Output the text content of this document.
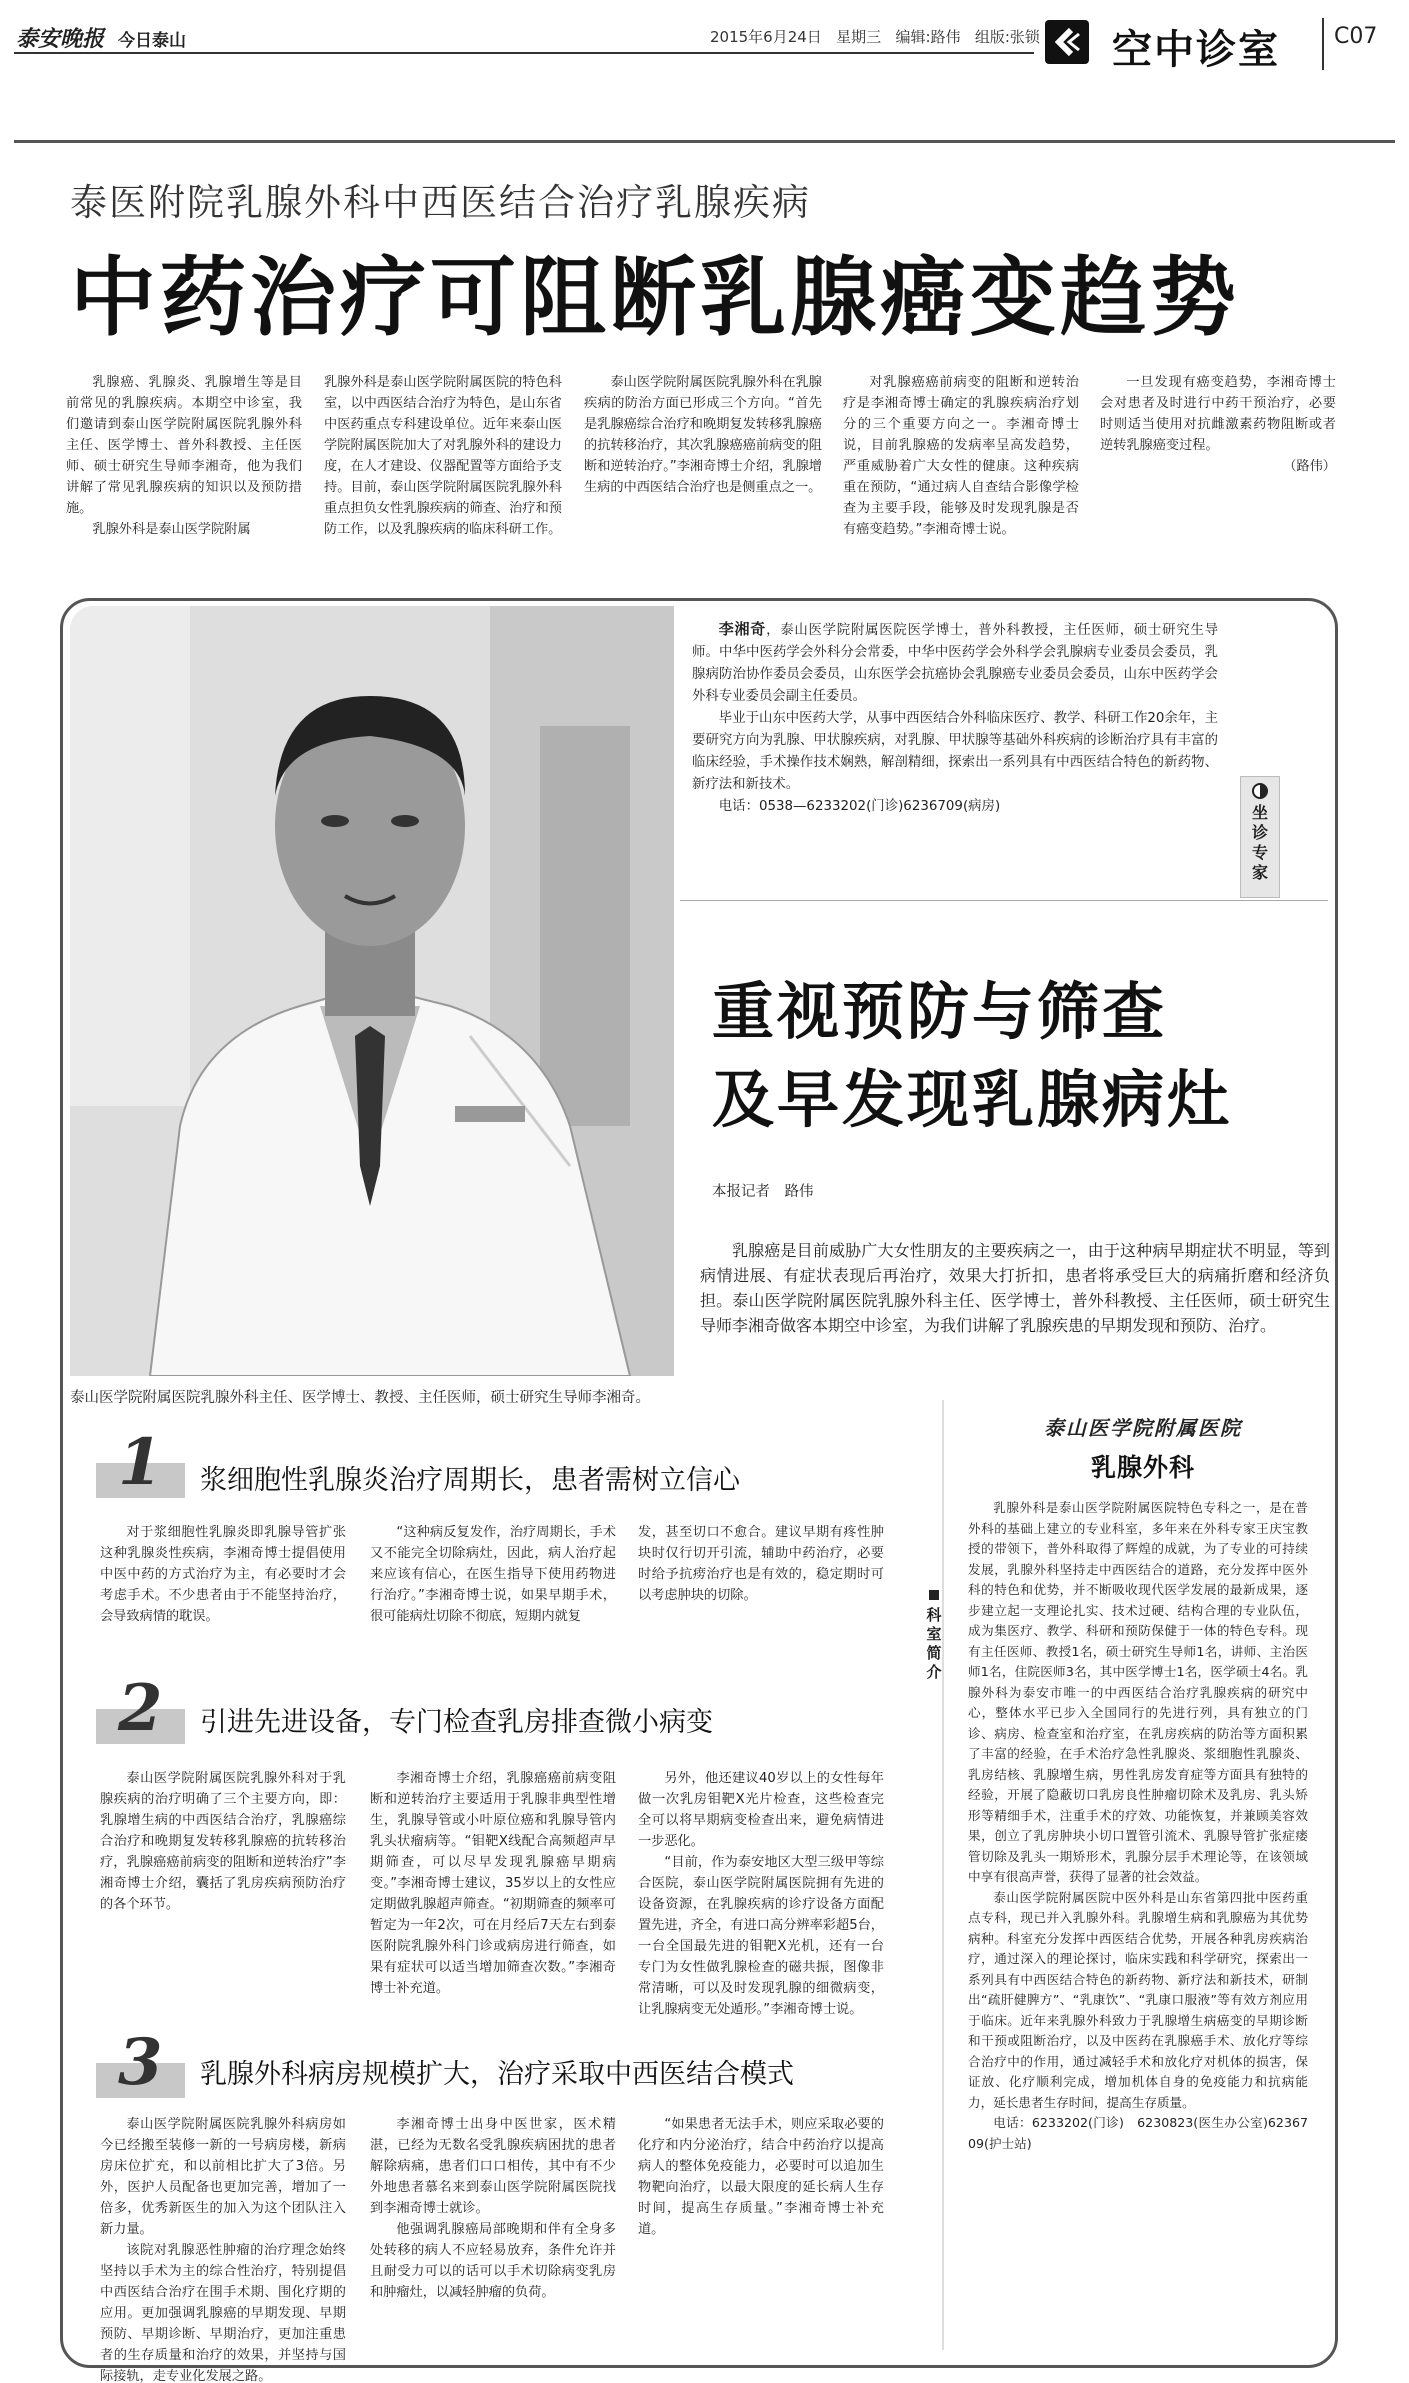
泰安晚报 今日泰山	2015年6月24日 星期三 编辑:路伟 组版:张锁 空中诊室 C07
泰医附院乳腺外科中西医结合治疗乳腺疾病
中药治疗可阻断乳腺癌变趋势

乳腺癌、乳腺炎、乳腺增生等是目前常见的乳腺疾病。本期空中诊室，我们邀请到泰山医学院附属医院乳腺外科主任、医学博士、普外科教授、主任医师、硕士研究生导师李湘奇，他为我们讲解了常见乳腺疾病的知识以及预防措施。

乳腺外科是泰山医学院附属

乳腺外科是泰山医学院附属医院的特色科室，以中西医结合治疗为特色，是山东省中医药重点专科建设单位。近年来泰山医学院附属医院加大了对乳腺外科的建设力度，在人才建设、仪器配置等方面给予支持。目前，泰山医学院附属医院乳腺外科重点担负女性乳腺疾病的筛查、治疗和预防工作，以及乳腺疾病的临床科研工作。

泰山医学院附属医院乳腺外科在乳腺疾病的防治方面已形成三个方向。“首先是乳腺癌综合治疗和晚期复发转移乳腺癌的抗转移治疗，其次乳腺癌癌前病变的阻断和逆转治疗。”李湘奇博士介绍，乳腺增生病的中西医结合治疗也是侧重点之一。

对乳腺癌癌前病变的阻断和逆转治疗是李湘奇博士确定的乳腺疾病治疗划分的三个重要方向之一。李湘奇博士说，目前乳腺癌的发病率呈高发趋势，严重威胁着广大女性的健康。这种疾病重在预防，“通过病人自查结合影像学检查为主要手段，能够及时发现乳腺是否有癌变趋势。”李湘奇博士说。

一旦发现有癌变趋势，李湘奇博士会对患者及时进行中药干预治疗，必要时则适当使用对抗雌激素药物阻断或者逆转乳腺癌变过程。

（路伟）

泰山医学院附属医院乳腺外科主任、医学博士、教授、主任医师，硕士研究生导师李湘奇。

李湘奇，泰山医学院附属医院医学博士，普外科教授，主任医师，硕士研究生导师。中华中医药学会外科分会常委，中华中医药学会外科学会乳腺病专业委员会委员，乳腺病防治协作委员会委员，山东医学会抗癌协会乳腺癌专业委员会委员，山东中医药学会外科专业委员会副主任委员。

毕业于山东中医药大学，从事中西医结合外科临床医疗、教学、科研工作20余年，主要研究方向为乳腺、甲状腺疾病，对乳腺、甲状腺等基础外科疾病的诊断治疗具有丰富的临床经验，手术操作技术娴熟，解剖精细，探索出一系列具有中西医结合特色的新药物、新疗法和新技术。

电话：0538—6233202(门诊)6236709(病房)	坐诊专家
重视预防与筛查
及早发现乳腺病灶
本报记者　路伟

乳腺癌是目前威胁广大女性朋友的主要疾病之一，由于这种病早期症状不明显，等到病情进展、有症状表现后再治疗，效果大打折扣，患者将承受巨大的病痛折磨和经济负担。泰山医学院附属医院乳腺外科主任、医学博士，普外科教授、主任医师，硕士研究生导师李湘奇做客本期空中诊室，为我们讲解了乳腺疾患的早期发现和预防、治疗。

科室简介
泰山医学院附属医院
乳腺外科

乳腺外科是泰山医学院附属医院特色专科之一，是在普外科的基础上建立的专业科室，多年来在外科专家王庆宝教授的带领下，普外科取得了辉煌的成就，为了专业的可持续发展，乳腺外科坚持走中西医结合的道路，充分发挥中医外科的特色和优势，并不断吸收现代医学发展的最新成果，逐步建立起一支理论扎实、技术过硬、结构合理的专业队伍，成为集医疗、教学、科研和预防保健于一体的特色专科。现有主任医师、教授1名，硕士研究生导师1名，讲师、主治医师1名，住院医师3名，其中医学博士1名，医学硕士4名。乳腺外科为泰安市唯一的中西医结合治疗乳腺疾病的研究中心，整体水平已步入全国同行的先进行列，具有独立的门诊、病房、检查室和治疗室，在乳房疾病的防治等方面积累了丰富的经验，在手术治疗急性乳腺炎、浆细胞性乳腺炎、乳房结核、乳腺增生病，男性乳房发育症等方面具有独特的经验，开展了隐蔽切口乳房良性肿瘤切除术及乳房、乳头矫形等精细手术，注重手术的疗效、功能恢复，并兼顾美容效果，创立了乳房肿块小切口置管引流术、乳腺导管扩张症瘘管切除及乳头一期矫形术，乳腺分层手术理论等，在该领域中享有很高声誉，获得了显著的社会效益。

泰山医学院附属医院中医外科是山东省第四批中医药重点专科，现已并入乳腺外科。乳腺增生病和乳腺癌为其优势病种。科室充分发挥中西医结合优势，开展各种乳房疾病治疗，通过深入的理论探讨，临床实践和科学研究，探索出一系列具有中西医结合特色的新药物、新疗法和新技术，研制出“疏肝健脾方”、“乳康饮”、“乳康口服液”等有效方剂应用于临床。近年来乳腺外科致力于乳腺增生病癌变的早期诊断和干预或阻断治疗，以及中医药在乳腺癌手术、放化疗等综合治疗中的作用，通过减轻手术和放化疗对机体的损害，保证放、化疗顺利完成，增加机体自身的免疫能力和抗病能力，延长患者生存时间，提高生存质量。

电话：6233202(门诊)　6230823(医生办公室)6236709(护士站)

1	浆细胞性乳腺炎治疗周期长，患者需树立信心

对于浆细胞性乳腺炎即乳腺导管扩张这种乳腺炎性疾病，李湘奇博士提倡使用中医中药的方式治疗为主，有必要时才会考虑手术。不少患者由于不能坚持治疗，会导致病情的耽误。

“这种病反复发作，治疗周期长，手术又不能完全切除病灶，因此，病人治疗起来应该有信心，在医生指导下使用药物进行治疗。”李湘奇博士说，如果早期手术，很可能病灶切除不彻底，短期内就复

发，甚至切口不愈合。建议早期有疼性肿块时仅行切开引流，辅助中药治疗，必要时给予抗痨治疗也是有效的，稳定期时可以考虑肿块的切除。

2	引进先进设备，专门检查乳房排查微小病变

泰山医学院附属医院乳腺外科对于乳腺疾病的治疗明确了三个主要方向，即：乳腺增生病的中西医结合治疗，乳腺癌综合治疗和晚期复发转移乳腺癌的抗转移治疗，乳腺癌癌前病变的阻断和逆转治疗”李湘奇博士介绍，囊括了乳房疾病预防治疗的各个环节。

李湘奇博士介绍，乳腺癌癌前病变阻断和逆转治疗主要适用于乳腺非典型性增生，乳腺导管或小叶原位癌和乳腺导管内乳头状瘤病等。“钼靶X线配合高频超声早期筛查，可以尽早发现乳腺癌早期病变。”李湘奇博士建议，35岁以上的女性应定期做乳腺超声筛查。“初期筛查的频率可暂定为一年2次，可在月经后7天左右到泰医附院乳腺外科门诊或病房进行筛查，如果有症状可以适当增加筛查次数。”李湘奇博士补充道。

另外，他还建议40岁以上的女性每年做一次乳房钼靶X光片检查，这些检查完全可以将早期病变检查出来，避免病情进一步恶化。

“目前，作为泰安地区大型三级甲等综合医院，泰山医学院附属医院拥有先进的设备资源，在乳腺疾病的诊疗设备方面配置先进，齐全，有进口高分辨率彩超5台，一台全国最先进的钼靶X光机，还有一台专门为女性做乳腺检查的磁共振，图像非常清晰，可以及时发现乳腺的细微病变，让乳腺病变无处遁形。”李湘奇博士说。

3	乳腺外科病房规模扩大，治疗采取中西医结合模式

泰山医学院附属医院乳腺外科病房如今已经搬至装修一新的一号病房楼，新病房床位扩充，和以前相比扩大了3倍。另外，医护人员配备也更加完善，增加了一倍多，优秀新医生的加入为这个团队注入新力量。

该院对乳腺恶性肿瘤的治疗理念始终坚持以手术为主的综合性治疗，特别提倡中西医结合治疗在围手术期、围化疗期的应用。更加强调乳腺癌的早期发现、早期预防、早期诊断、早期治疗，更加注重患者的生存质量和治疗的效果，并坚持与国际接轨，走专业化发展之路。

李湘奇博士出身中医世家，医术精湛，已经为无数名受乳腺疾病困扰的患者解除病痛，患者们口口相传，其中有不少外地患者慕名来到泰山医学院附属医院找到李湘奇博士就诊。

他强调乳腺癌局部晚期和伴有全身多处转移的病人不应轻易放弃，条件允许并且耐受力可以的话可以手术切除病变乳房和肿瘤灶，以减轻肿瘤的负荷。

“如果患者无法手术，则应采取必要的化疗和内分泌治疗，结合中药治疗以提高病人的整体免疫能力，必要时可以追加生物靶向治疗，以最大限度的延长病人生存时间，提高生存质量。”李湘奇博士补充道。
